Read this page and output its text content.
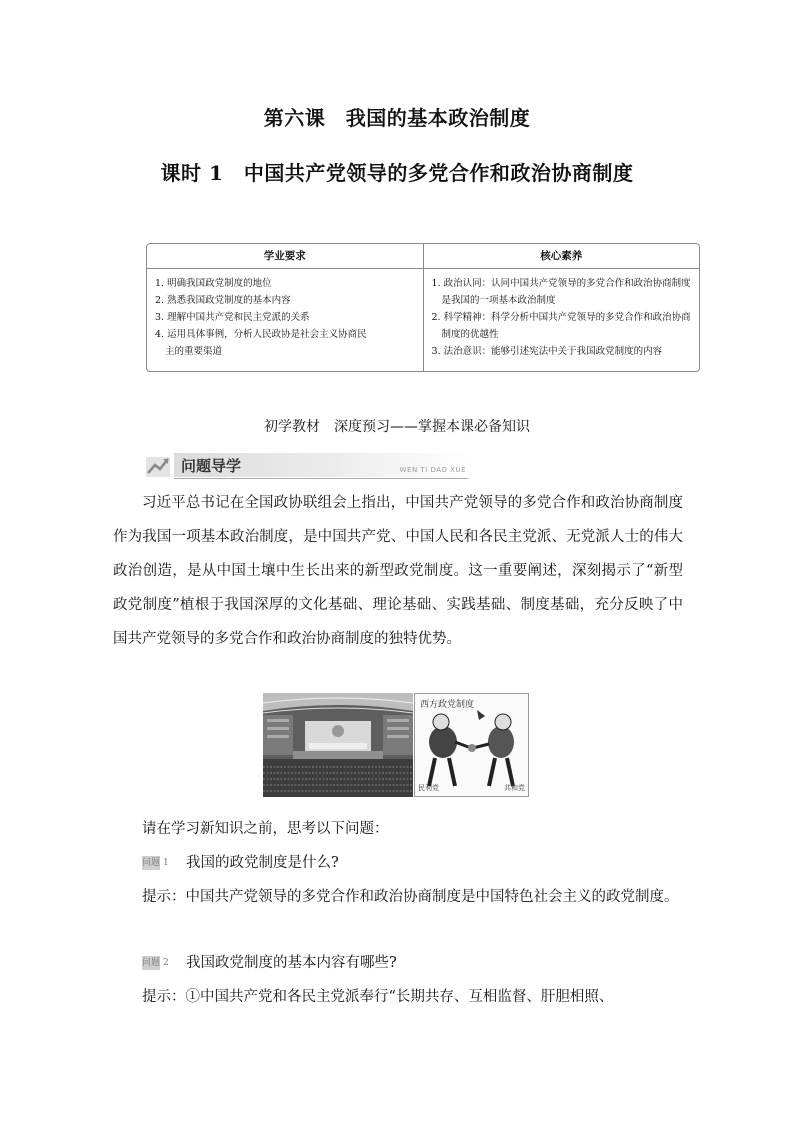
第六课　我国的基本政治制度
课时 1　中国共产党领导的多党合作和政治协商制度
学业要求
1. 明确我国政党制度的地位
2. 熟悉我国政党制度的基本内容
3. 理解中国共产党和民主党派的关系
4. 运用具体事例，分析人民政协是社会主义协商民
主的重要渠道
核心素养
1. 政治认同：认同中国共产党领导的多党合作和政治协商制度
是我国的一项基本政治制度
2. 科学精神：科学分析中国共产党领导的多党合作和政治协商
制度的优越性
3. 法治意识：能够引述宪法中关于我国政党制度的内容
初学教材　深度预习——掌握本课必备知识
问题导学	WEN TI DAO XUE

习近平总书记在全国政协联组会上指出，中国共产党领导的多党合作和政治协商制度作为我国一项基本政治制度，是中国共产党、中国人民和各民主党派、无党派人士的伟大政治创造，是从中国土壤中生长出来的新型政党制度。这一重要阐述，深刻揭示了“新型政党制度”植根于我国深厚的文化基础、理论基础、实践基础、制度基础，充分反映了中国共产党领导的多党合作和政治协商制度的独特优势。

西方政党制度
民利党	共和党

请在学习新知识之前，思考以下问题：

问题 1 我国的政党制度是什么?

提示：中国共产党领导的多党合作和政治协商制度是中国特色社会主义的政党制度。

问题 2 我国政党制度的基本内容有哪些?

提示：①中国共产党和各民主党派奉行“长期共存、互相监督、肝胆相照、
